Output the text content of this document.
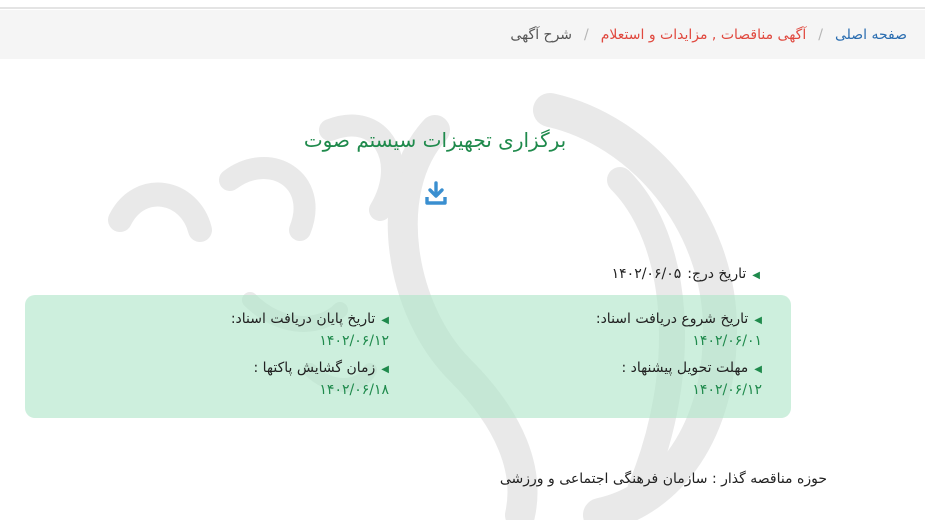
صفحه اصلی
/
آگهی مناقصات , مزایدات و استعلام
/
شرح آگهی
برگزاری تجهیزات سیستم صوت
◀تاریخ درج:۱۴۰۲/۰۶/۰۵
◀تاریخ شروع دریافت اسناد:
۱۴۰۲/۰۶/۰۱
◀تاریخ پایان دریافت اسناد:
۱۴۰۲/۰۶/۱۲
◀مهلت تحویل پیشنهاد :
۱۴۰۲/۰۶/۱۲
◀زمان گشایش پاکتها :
۱۴۰۲/۰۶/۱۸
حوزه مناقصه گذار : سازمان فرهنگی اجتماعی و ورزشی
